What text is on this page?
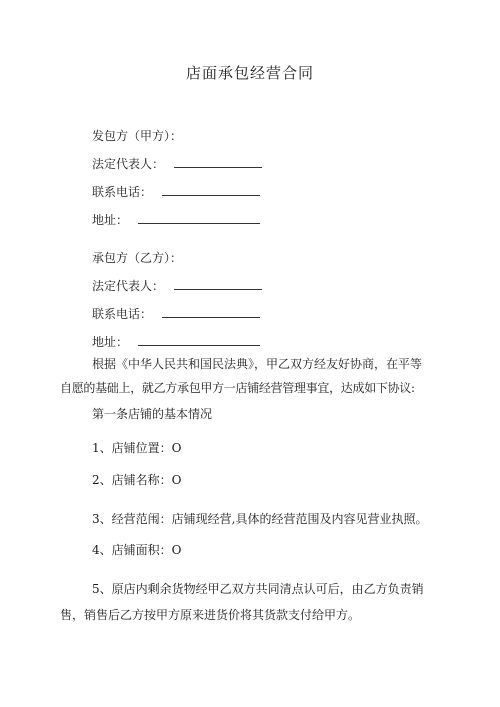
店面承包经营合同
发包方（甲方）：
法定代表人：
联系电话：
地址：
承包方（乙方）：
法定代表人：
联系电话：
地址：
根据《中华人民共和国民法典》，甲乙双方经友好协商，在平等
自愿的基础上，就乙方承包甲方一店铺经营管理事宜，达成如下协议:
第一条店铺的基本情况
1、店铺位置：O
2、店铺名称：O
3、经营范闱：店铺现经营,具体的经营范围及内容见营业执照。
4、店铺面积：O
5、原店内剩余货物经甲乙双方共同清点认可后，由乙方负责销
售，销售后乙方按甲方原来进货价将其货款支付给甲方。
